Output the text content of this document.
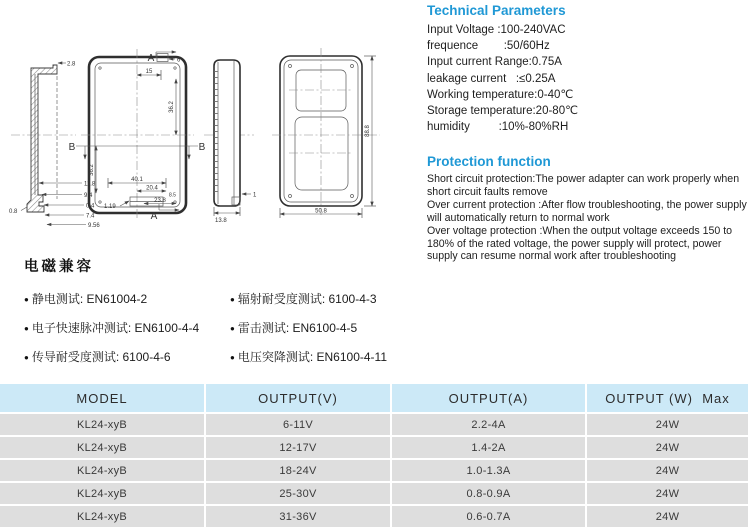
2.8
11.8
9.4
0.4
7.4
9.56
0.8
B	B
A
A
6
15
36.2
36.2
40.1
20.4
8.5
23.8
1.19
1
13.8
88.8
50.8
Technical Parameters
Input Voltage :100-240VAC
frequence        :50/60Hz
Input current Range:0.75A
leakage current   :≤0.25A
Working temperature:0-40℃
Storage temperature:20-80℃
humidity         :10%-80%RH
Protection function

Short circuit protection:The power adapter can work properly when short circuit faults remove

Over current protection :After flow troubleshooting, the power supply will automatically return to normal work

Over voltage protection :When the output voltage exceeds 150 to 180% of the rated voltage, the power supply will protect, power supply can resume normal work after troubleshooting

电磁兼容
● 静电测试: EN61004-2	● 辐射耐受度测试: 6100-4-3
● 电子快速脉冲测试: EN6100-4-4	● 雷击测试: EN6100-4-5
● 传导耐受度测试: 6100-4-6	● 电压突降测试: EN6100-4-11
MODEL	OUTPUT(V)	OUTPUT(A)	OUTPUT (W)  Max
KL24-xyB	6-11V	2.2-4A	24W
KL24-xyB	12-17V	1.4-2A	24W
KL24-xyB	18-24V	1.0-1.3A	24W
KL24-xyB	25-30V	0.8-0.9A	24W
KL24-xyB	31-36V	0.6-0.7A	24W
